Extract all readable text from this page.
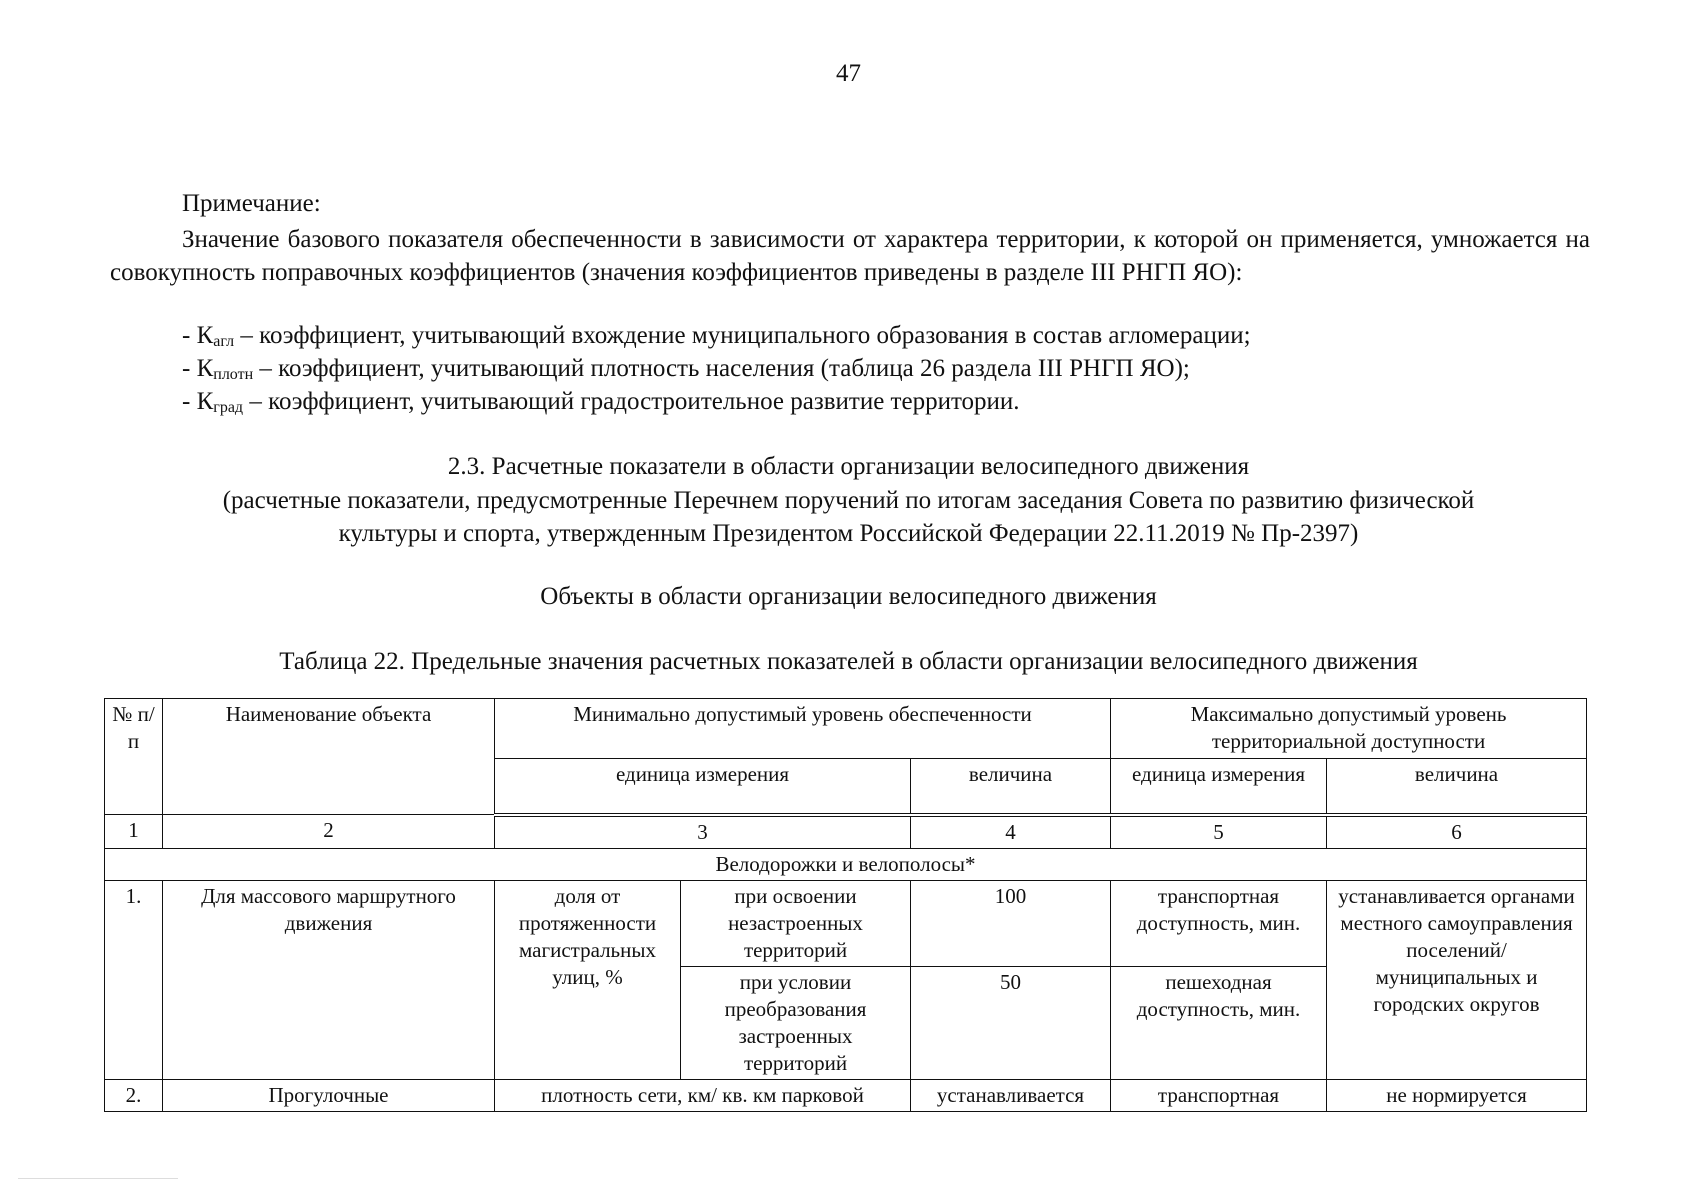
47
Примечание:
Значение базового показателя обеспеченности в зависимости от характера территории, к которой он применяется, умножается на совокупность поправочных коэффициентов (значения коэффициентов приведены в разделе III РНГП ЯО):
- $К_{агл}$ – коэффициент, учитывающий вхождение муниципального образования в состав агломерации;
- $К_{плотн}$ – коэффициент, учитывающий плотность населения (таблица 26 раздела III РНГП ЯО);
- $К_{град}$ – коэффициент, учитывающий градостроительное развитие территории.
2.3. Расчетные показатели в области организации велосипедного движения
(расчетные показатели, предусмотренные Перечнем поручений по итогам заседания Совета по развитию физической
культуры и спорта, утвержденным Президентом Российской Федерации 22.11.2019 № Пр-2397)
Объекты в области организации велосипедного движения
Таблица 22. Предельные значения расчетных показателей в области организации велосипедного движения
№ п/п	Наименование объекта	Минимально допустимый уровень обеспеченности			Максимально допустимый уровень территориальной доступности	
		единица измерения		величина	единица измерения	величина
1	2	3		4	5	6
Велодорожки и велополосы*						
1.	Для массового маршрутного движения	доля от протяженности магистральных улиц, %	при освоении незастроенных территорий	100	транспортная доступность, мин.	устанавливается органами местного самоуправления поселений/ муниципальных и городских округов
			при условии преобразования застроенных территорий	50	пешеходная доступность, мин.	
2.	Прогулочные	плотность сети, км/ кв. км парковой		устанавливается	транспортная	не нормируется
